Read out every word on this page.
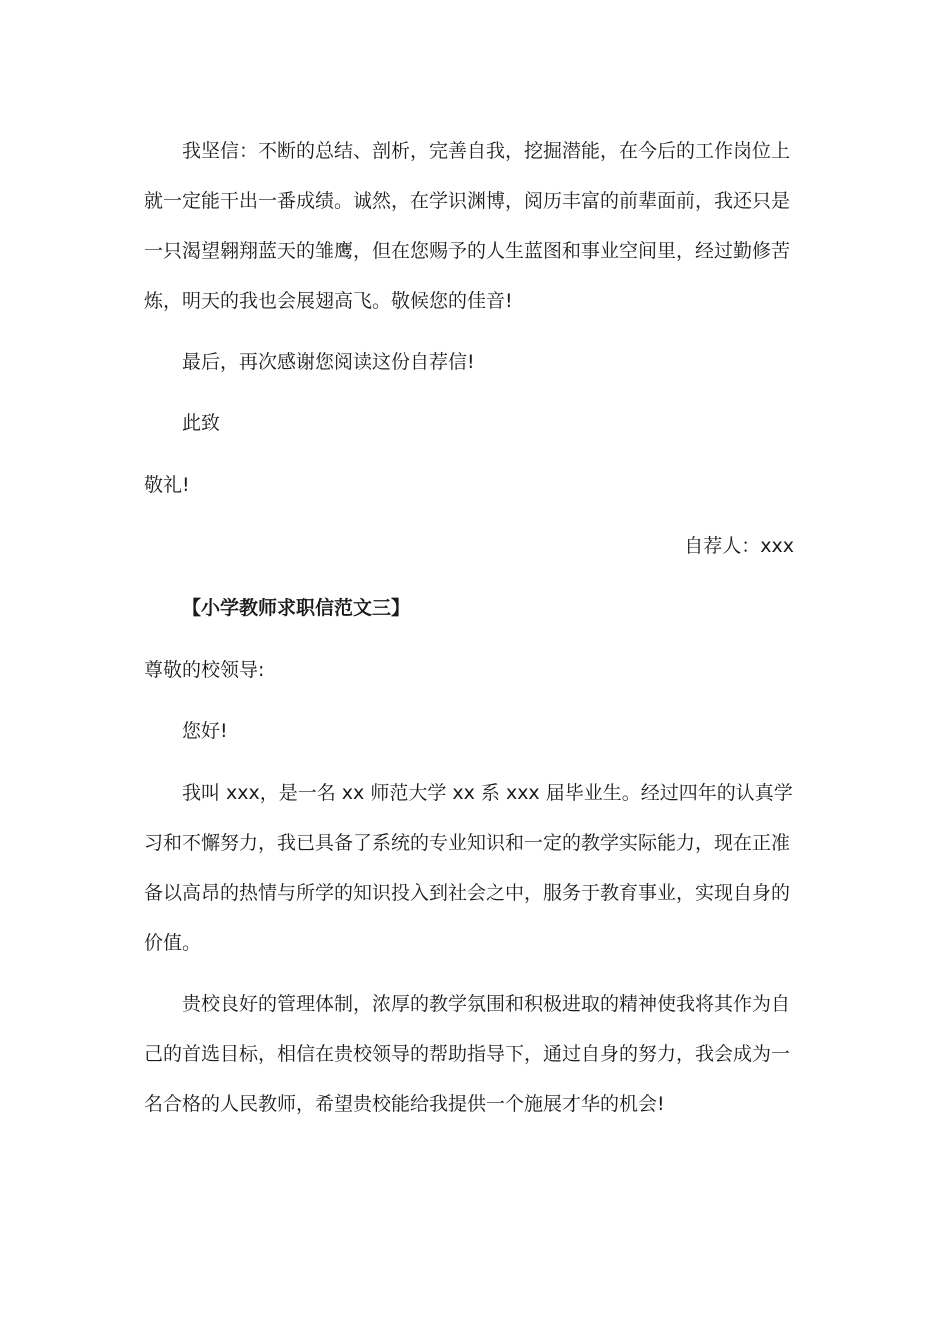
我坚信：不断的总结、剖析，完善自我，挖掘潜能，在今后的工作岗位上就一定能干出一番成绩。诚然，在学识渊博，阅历丰富的前辈面前，我还只是一只渴望翱翔蓝天的雏鹰，但在您赐予的人生蓝图和事业空间里，经过勤修苦炼，明天的我也会展翅高飞。敬候您的佳音!

最后，再次感谢您阅读这份自荐信!

此致

敬礼!

自荐人：xxx

【小学教师求职信范文三】

尊敬的校领导:

您好!

我叫 xxx，是一名 xx 师范大学 xx 系 xxx 届毕业生。经过四年的认真学习和不懈努力，我已具备了系统的专业知识和一定的教学实际能力，现在正准备以高昂的热情与所学的知识投入到社会之中，服务于教育事业，实现自身的价值。

贵校良好的管理体制，浓厚的教学氛围和积极进取的精神使我将其作为自己的首选目标，相信在贵校领导的帮助指导下，通过自身的努力，我会成为一名合格的人民教师，希望贵校能给我提供一个施展才华的机会!
